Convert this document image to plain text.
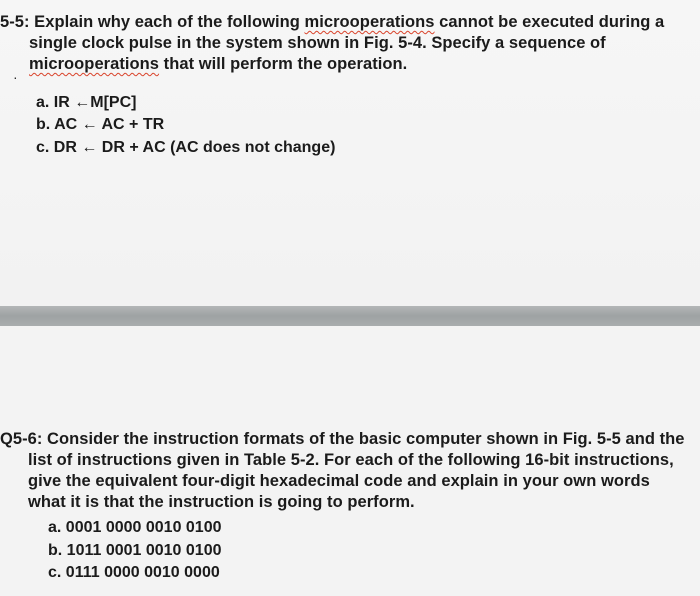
5-5: Explain why each of the following microoperations cannot be executed during a
single clock pulse in the system shown in Fig. 5-4. Specify a sequence of
microoperations that will perform the operation.
·
a. IR ←M[PC]
b. AC ← AC + TR
c. DR ← DR + AC (AC does not change)
Q5-6: Consider the instruction formats of the basic computer shown in Fig. 5-5 and the
list of instructions given in Table 5-2. For each of the following 16-bit instructions,
give the equivalent four-digit hexadecimal code and explain in your own words
what it is that the instruction is going to perform.
a. 0001 0000 0010 0100
b. 1011 0001 0010 0100
c. 0111 0000 0010 0000
